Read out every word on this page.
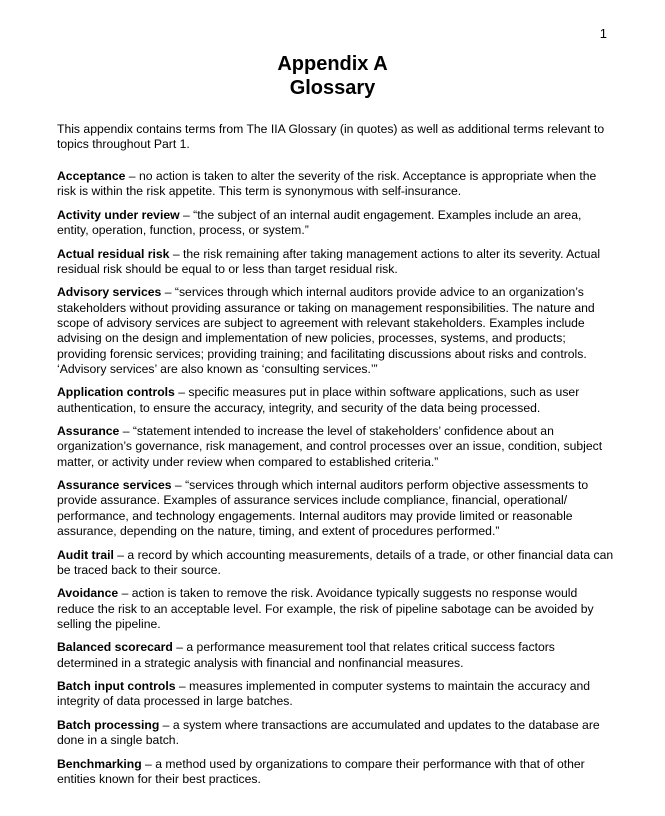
1
Appendix A
Glossary
This appendix contains terms from The IIA Glossary (in quotes) as well as additional terms relevant to topics throughout Part 1.
Acceptance – no action is taken to alter the severity of the risk. Acceptance is appropriate when the risk is within the risk appetite. This term is synonymous with self-insurance.
Activity under review – “the subject of an internal audit engagement. Examples include an area, entity, operation, function, process, or system.”
Actual residual risk – the risk remaining after taking management actions to alter its severity. Actual residual risk should be equal to or less than target residual risk.
Advisory services – “services through which internal auditors provide advice to an organization’s stakeholders without providing assurance or taking on management responsibilities. The nature and scope of advisory services are subject to agreement with relevant stakeholders. Examples include advising on the design and implementation of new policies, processes, systems, and products; providing forensic services; providing training; and facilitating discussions about risks and controls. ‘Advisory services’ are also known as ‘consulting services.’”
Application controls – specific measures put in place within software applications, such as user authentication, to ensure the accuracy, integrity, and security of the data being processed.
Assurance – “statement intended to increase the level of stakeholders’ confidence about an organization’s governance, risk management, and control processes over an issue, condition, subject matter, or activity under review when compared to established criteria.”
Assurance services – “services through which internal auditors perform objective assessments to provide assurance. Examples of assurance services include compliance, financial, operational/ performance, and technology engagements. Internal auditors may provide limited or reasonable assurance, depending on the nature, timing, and extent of procedures performed.”
Audit trail – a record by which accounting measurements, details of a trade, or other financial data can be traced back to their source.
Avoidance – action is taken to remove the risk. Avoidance typically suggests no response would reduce the risk to an acceptable level. For example, the risk of pipeline sabotage can be avoided by selling the pipeline.
Balanced scorecard – a performance measurement tool that relates critical success factors determined in a strategic analysis with financial and nonfinancial measures.
Batch input controls – measures implemented in computer systems to maintain the accuracy and integrity of data processed in large batches.
Batch processing – a system where transactions are accumulated and updates to the database are done in a single batch.
Benchmarking – a method used by organizations to compare their performance with that of other entities known for their best practices.
